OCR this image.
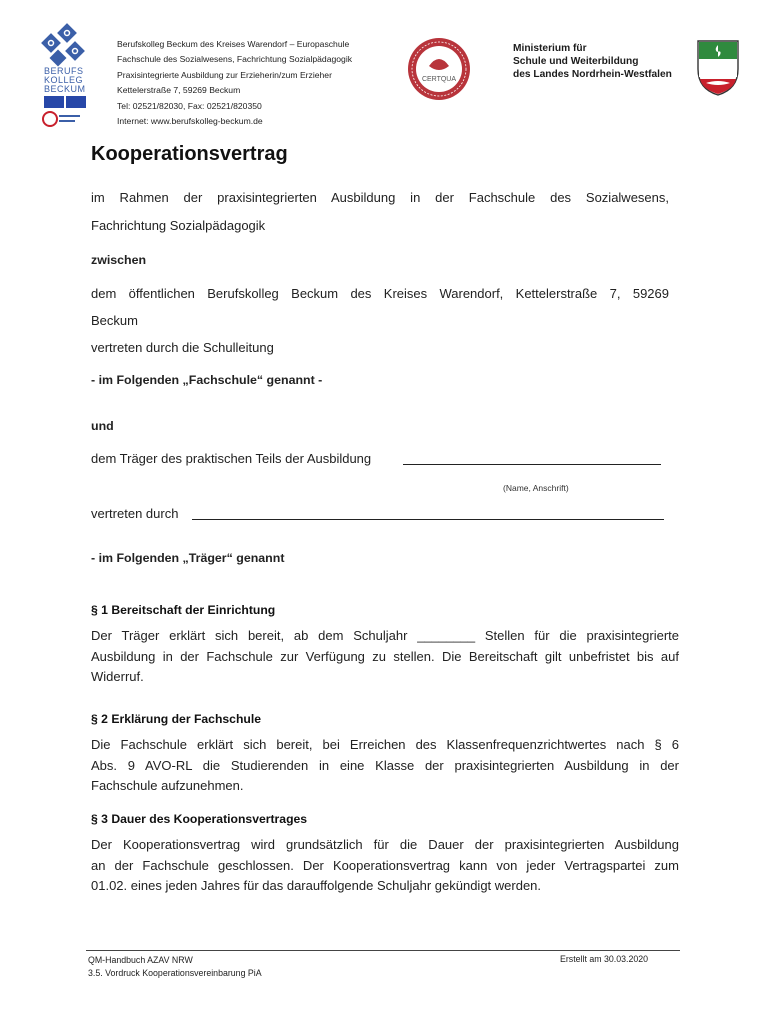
BERUFS
KOLLEG
BECKUM
Berufskolleg Beckum des Kreises Warendorf – Europaschule
Fachschule des Sozialwesens, Fachrichtung Sozialpädagogik
Praxisintegrierte Ausbildung zur Erzieherin/zum Erzieher
Kettelerstraße 7, 59269 Beckum
Tel: 02521/82030, Fax: 02521/820350
Internet: www.berufskolleg-beckum.de
CERTQUA
Ministerium für
Schule und Weiterbildung
des Landes Nordrhein-Westfalen
Kooperationsvertrag
im Rahmen der praxisintegrierten Ausbildung in der Fachschule des Sozialwesens,
Fachrichtung Sozialpädagogik
zwischen
dem öffentlichen Berufskolleg Beckum des Kreises Warendorf, Kettelerstraße 7, 59269
Beckum
vertreten durch die Schulleitung
- im Folgenden „Fachschule“ genannt -
und
dem Träger des praktischen Teils der Ausbildung
(Name, Anschrift)
vertreten durch
- im Folgenden „Träger“ genannt
§ 1 Bereitschaft der Einrichtung
Der Träger erklärt sich bereit, ab dem Schuljahr ________ Stellen für die praxisintegrierte
Ausbildung in der Fachschule zur Verfügung zu stellen. Die Bereitschaft gilt unbefristet bis auf
Widerruf.
§ 2 Erklärung der Fachschule
Die Fachschule erklärt sich bereit, bei Erreichen des Klassenfrequenzrichtwertes nach § 6
Abs. 9 AVO-RL die Studierenden in eine Klasse der praxisintegrierten Ausbildung in der
Fachschule aufzunehmen.
§ 3 Dauer des Kooperationsvertrages
Der Kooperationsvertrag wird grundsätzlich für die Dauer der praxisintegrierten Ausbildung
an der Fachschule geschlossen. Der Kooperationsvertrag kann von jeder Vertragspartei zum
01.02. eines jeden Jahres für das darauffolgende Schuljahr gekündigt werden.
QM-Handbuch AZAV NRW
3.5. Vordruck Kooperationsvereinbarung PiA
Erstellt am 30.03.2020
